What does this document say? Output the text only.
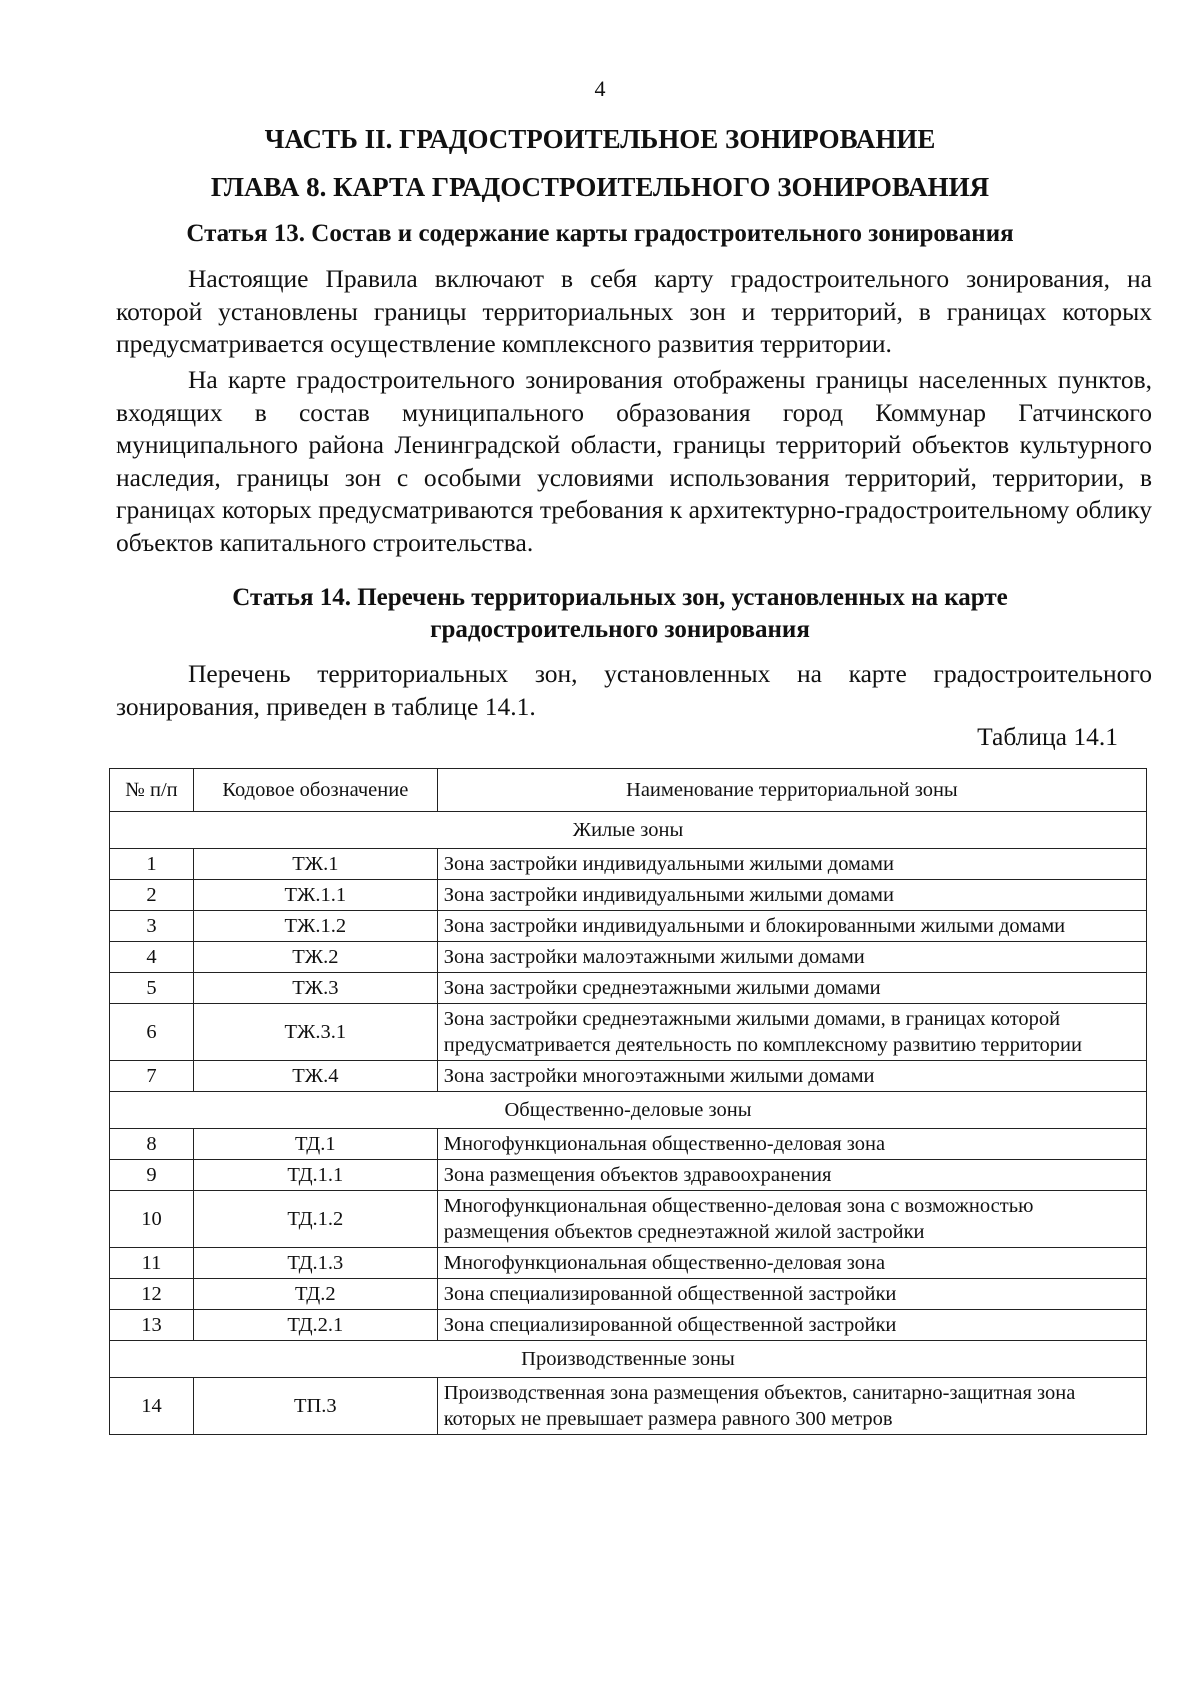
4
ЧАСТЬ II. ГРАДОСТРОИТЕЛЬНОЕ ЗОНИРОВАНИЕ
ГЛАВА 8. КАРТА ГРАДОСТРОИТЕЛЬНОГО ЗОНИРОВАНИЯ
Статья 13. Состав и содержание карты градостроительного зонирования

Настоящие Правила включают в себя карту градостроительного зонирования, на которой установлены границы территориальных зон и территорий, в границах которых предусматривается осуществление комплексного развития территории.

На карте градостроительного зонирования отображены границы населенных пунктов, входящих в состав муниципального образования город Коммунар Гатчинского муниципального района Ленинградской области, границы территорий объектов культурного наследия, границы зон с особыми условиями использования территорий, территории, в границах которых предусматриваются требования к архитектурно-градостроительному облику объектов капитального строительства.

Статья 14. Перечень территориальных зон, установленных на карте
градостроительного зонирования

Перечень территориальных зон, установленных на карте градостроительного зонирования, приведен в таблице 14.1.

Таблица 14.1
№ п/п	Кодовое обозначение	Наименование территориальной зоны
Жилые зоны		
1	ТЖ.1	Зона застройки индивидуальными жилыми домами
2	ТЖ.1.1	Зона застройки индивидуальными жилыми домами
3	ТЖ.1.2	Зона застройки индивидуальными и блокированными жилыми домами
4	ТЖ.2	Зона застройки малоэтажными жилыми домами
5	ТЖ.3	Зона застройки среднеэтажными жилыми домами
6	ТЖ.3.1	Зона застройки среднеэтажными жилыми домами, в границах которой предусматривается деятельность по комплексному развитию территории
7	ТЖ.4	Зона застройки многоэтажными жилыми домами
Общественно-деловые зоны		
8	ТД.1	Многофункциональная общественно-деловая зона
9	ТД.1.1	Зона размещения объектов здравоохранения
10	ТД.1.2	Многофункциональная общественно-деловая зона с возможностью размещения объектов среднеэтажной жилой застройки
11	ТД.1.3	Многофункциональная общественно-деловая зона
12	ТД.2	Зона специализированной общественной застройки
13	ТД.2.1	Зона специализированной общественной застройки
Производственные зоны		
14	ТП.3	Производственная зона размещения объектов, санитарно-защитная зона которых не превышает размера равного 300 метров
